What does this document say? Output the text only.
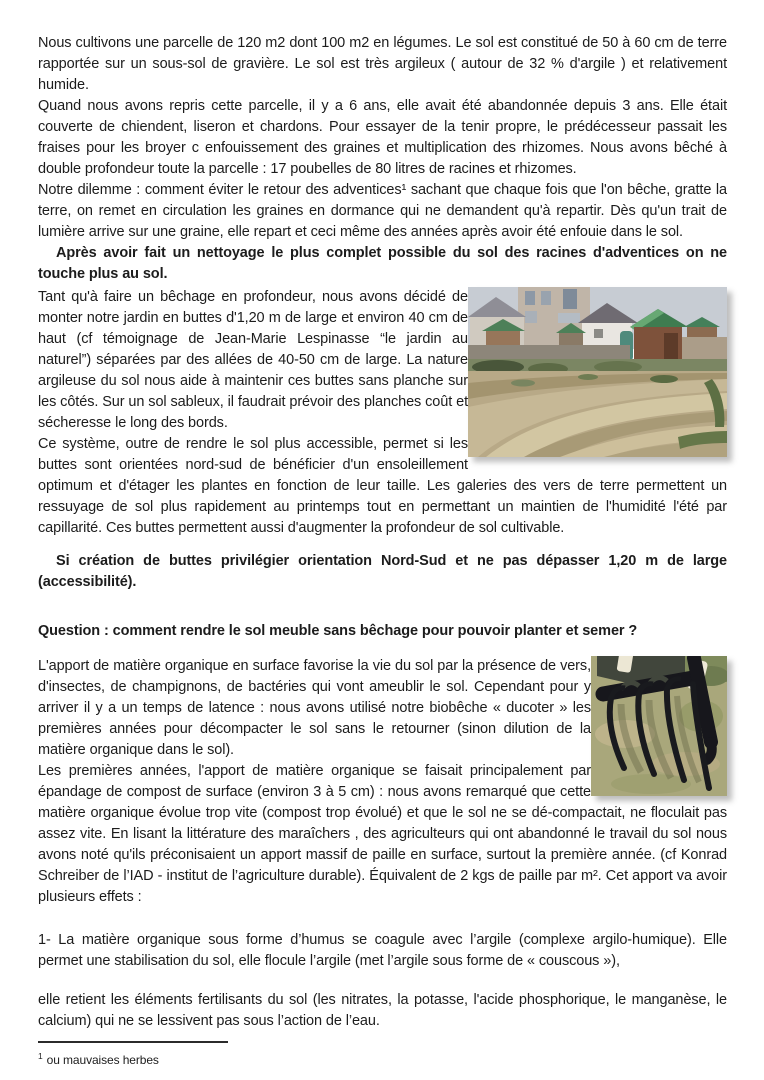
Nous cultivons une parcelle de 120 m2 dont 100 m2 en légumes. Le sol est constitué de 50 à 60 cm de terre rapportée sur un sous-sol de gravière. Le sol est très argileux ( autour de 32 % d'argile ) et relativement humide.

Quand nous avons repris cette parcelle, il y a 6 ans, elle avait été abandonnée depuis 3 ans. Elle était couverte de chiendent, liseron et chardons. Pour essayer de la tenir propre, le prédécesseur passait les fraises pour les broyer c enfouissement des graines et multiplication des rhizomes. Nous avons bêché à double profondeur toute la parcelle : 17 poubelles de 80 litres de racines et rhizomes.

Notre dilemme : comment éviter le retour des adventices¹ sachant que chaque fois que l'on bêche, gratte la terre, on remet en circulation les graines en dormance qui ne demandent qu'à repartir. Dès qu'un trait de lumière arrive sur une graine, elle repart et ceci même des années après avoir été enfouie dans le sol.

Après avoir fait un nettoyage le plus complet possible du sol des racines d'adventices on ne touche plus au sol.

Tant qu'à faire un bêchage en profondeur, nous avons décidé de monter notre jardin en buttes d'1,20 m de large et environ 40 cm de haut (cf témoignage de Jean-Marie Lespinasse “le jardin au naturel”) séparées par des allées de 40-50 cm de large. La nature argileuse du sol nous aide à maintenir ces buttes sans planche sur les côtés. Sur un sol sableux, il faudrait prévoir des planches coût et sécheresse le long des bords.

Ce système, outre de rendre le sol plus accessible, permet si les buttes sont orientées nord-sud de bénéficier d'un ensoleillement optimum et d'étager les plantes en fonction de leur taille. Les galeries des vers de terre permettent un ressuyage de sol plus rapidement au printemps tout en permettant un maintien de l'humidité l'été par capillarité. Ces buttes permettent aussi d'augmenter la profondeur de sol cultivable.

Si création de buttes privilégier orientation Nord-Sud et ne pas dépasser 1,20 m de large (accessibilité).

Question : comment rendre le sol meuble sans bêchage pour pouvoir planter et semer ?

L'apport de matière organique en surface favorise la vie du sol par la présence de vers, d'insectes, de champignons, de bactéries qui vont ameublir le sol. Cependant pour y arriver il y a un temps de latence : nous avons utilisé notre biobêche « ducoter » les premières années pour décompacter le sol sans le retourner (sinon dilution de la matière organique dans le sol).

Les premières années, l'apport de matière organique se faisait principalement par épandage de compost de surface (environ 3 à 5 cm) : nous avons remarqué que cette matière organique évolue trop vite (compost trop évolué) et que le sol ne se dé-compactait, ne floculait pas assez vite. En lisant la littérature des maraîchers , des agriculteurs qui ont abandonné le travail du sol nous avons noté qu'ils préconisaient un apport massif de paille en surface, surtout la première année. (cf Konrad Schreiber de l’IAD - institut de l’agriculture durable). Équivalent de 2 kgs de paille par m². Cet apport va avoir plusieurs effets :

1- La matière organique sous forme d’humus se coagule avec l’argile (complexe argilo-humique). Elle permet une stabilisation du sol, elle flocule l’argile (met l’argile sous forme de « couscous »),

elle retient les éléments fertilisants du sol (les nitrates, la potasse, l'acide phosphorique, le manganèse, le calcium) qui ne se lessivent pas sous l’action de l’eau.

$^1$ ou mauvaises herbes
